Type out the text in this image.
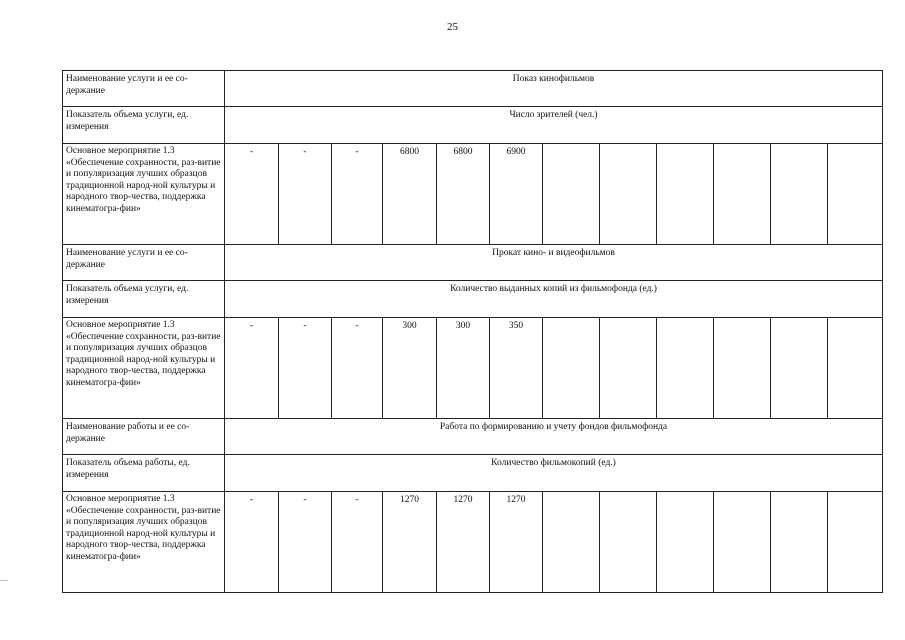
25
Наименование услуги и ее со-держание	Показ кинофильмов											
Показатель объема услуги, ед. измерения	Число зрителей (чел.)											
Основное мероприятие 1.3 «Обеспечение сохранности, раз-витие и популяризация лучших образцов традиционной народ-ной культуры и народного твор-чества, поддержка кинематогра-фии»	-	-	-	6800	6800	6900						
Наименование услуги и ее со-держание	Прокат кино- и видеофильмов											
Показатель объема услуги, ед. измерения	Количество выданных копий из фильмофонда (ед.)											
Основное мероприятие 1.3 «Обеспечение сохранности, раз-витие и популяризация лучших образцов традиционной народ-ной культуры и народного твор-чества, поддержка кинематогра-фии»	-	-	-	300	300	350						
Наименование работы и ее со-держание	Работа по формированию и учету фондов фильмофонда											
Показатель объема работы, ед. измерения	Количество фильмокопий (ед.)											
Основное мероприятие 1.3 «Обеспечение сохранности, раз-витие и популяризация лучших образцов традиционной народ-ной культуры и народного твор-чества, поддержка кинематогра-фии»	-	-	-	1270	1270	1270						
